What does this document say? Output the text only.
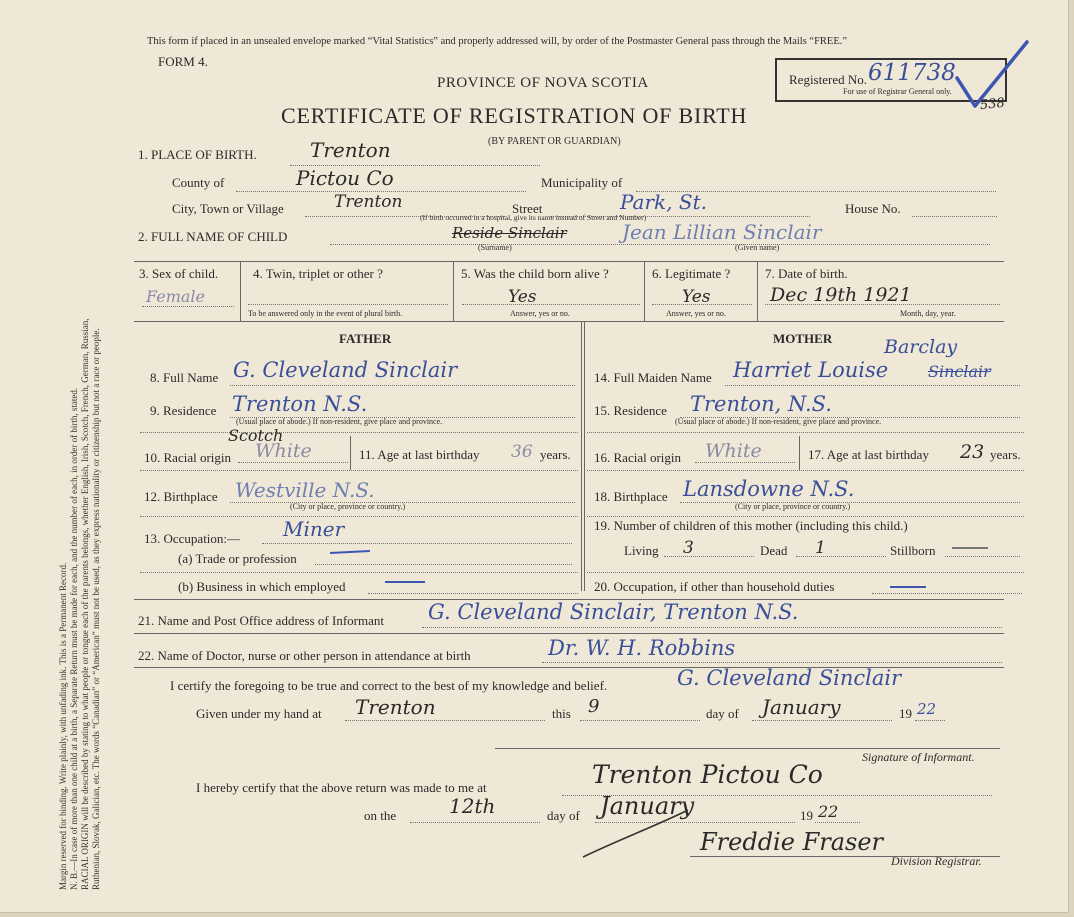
Margin reserved for binding. Write plainly, with unfading ink. This is a Permanent Record. N. B.—In case of more than one child at a birth, a Separate Return must be made for each, and the number of each, in order of birth, stated. RACIAL ORIGIN will be described by stating to what people or tongue each of the parents belongs, whether English, Irish, Scotch, French, German, Russian, Ruthenian, Slovak, Galician, etc. The words “Canadian” or “American” must not be used, as they express nationality or citizenship but not a race or people.
This form if placed in an unsealed envelope marked “Vital Statistics” and properly addressed will, by order of the Postmaster General pass through the Mails “FREE.”
FORM 4.
PROVINCE OF NOVA SCOTIA
CERTIFICATE OF REGISTRATION OF BIRTH
(BY PARENT OR GUARDIAN)
Registered No. 611738
For use of Registrar General only.
538
1. PLACE OF BIRTH.	Trenton
County of	Pictou Co	Municipality of
City, Town or Village	Trenton	Street	Park, St.	House No.
(If birth occurred in a hospital, give its name instead of Street and Number)
2. FULL NAME OF CHILD	Reside Sinclair	Jean Lillian Sinclair
(Surname)	(Given name)
3. Sex of child.
Female
4. Twin, triplet or other ?
To be answered only in the event of plural birth.
5. Was the child born alive ?
Yes
Answer, yes or no.
6. Legitimate ?
Yes
Answer, yes or no.
7. Date of birth.
Dec 19th 1921
Month, day, year.
FATHER	MOTHER
8. Full Name G. Cleveland Sinclair
9. Residence Trenton N.S.
(Usual place of abode.) If non-resident, give place and province.
10. Racial origin
Scotch
White	11. Age at last birthday 36 years.
12. Birthplace Westville N.S.
(City or place, province or country.)
13. Occupation:— Miner
(a) Trade or profession
(b) Business in which employed
Barclay
14. Full Maiden Name Harriet Louise Sinclair
15. Residence Trenton, N.S.
(Usual place of abode.) If non-resident, give place and province.
16. Racial origin White	17. Age at last birthday 23 years.
18. Birthplace Lansdowne N.S.
(City or place, province or country.)
19. Number of children of this mother (including this child.)
Living 3	Dead 1	Stillborn
20. Occupation, if other than household duties
21. Name and Post Office address of Informant G. Cleveland Sinclair, Trenton N.S.
22. Name of Doctor, nurse or other person in attendance at birth	Dr. W. H. Robbins
I certify the foregoing to be true and correct to the best of my knowledge and belief.	G. Cleveland Sinclair
Given under my hand at Trenton	this 9	day of January	19 22
Signature of Informant.
I hereby certify that the above return was made to me at	Trenton Pictou Co
on the	12th	day of January	19 22
Freddie Fraser
Division Registrar.
